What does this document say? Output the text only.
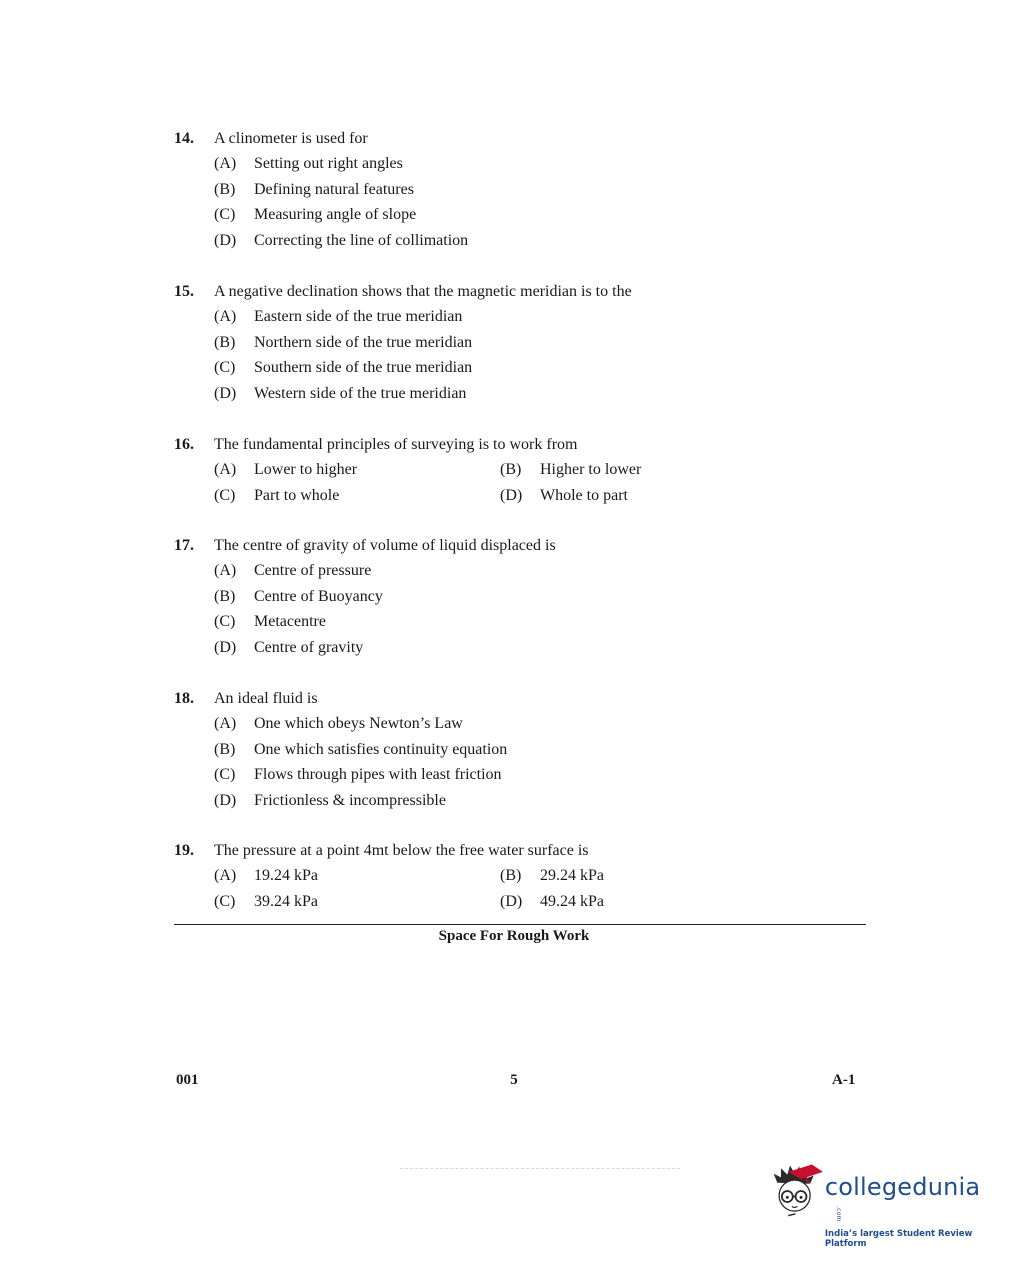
14.	A clinometer is used for
(A)	Setting out right angles
(B)	Defining natural features
(C)	Measuring angle of slope
(D)	Correcting the line of collimation
15.	A negative declination shows that the magnetic meridian is to the
(A)	Eastern side of the true meridian
(B)	Northern side of the true meridian
(C)	Southern side of the true meridian
(D)	Western side of the true meridian
16.	The fundamental principles of surveying is to work from
(A)	Lower to higher	(B)	Higher to lower
(C)	Part to whole	(D)	Whole to part
17.	The centre of gravity of volume of liquid displaced is
(A)	Centre of pressure
(B)	Centre of Buoyancy
(C)	Metacentre
(D)	Centre of gravity
18.	An ideal fluid is
(A)	One which obeys Newton’s Law
(B)	One which satisfies continuity equation
(C)	Flows through pipes with least friction
(D)	Frictionless & incompressible
19.	The pressure at a point 4mt below the free water surface is
(A)	19.24 kPa	(B)	29.24 kPa
(C)	39.24 kPa	(D)	49.24 kPa
Space For Rough Work
001	5	A-1
collegedunia.com
India’s largest Student Review Platform
